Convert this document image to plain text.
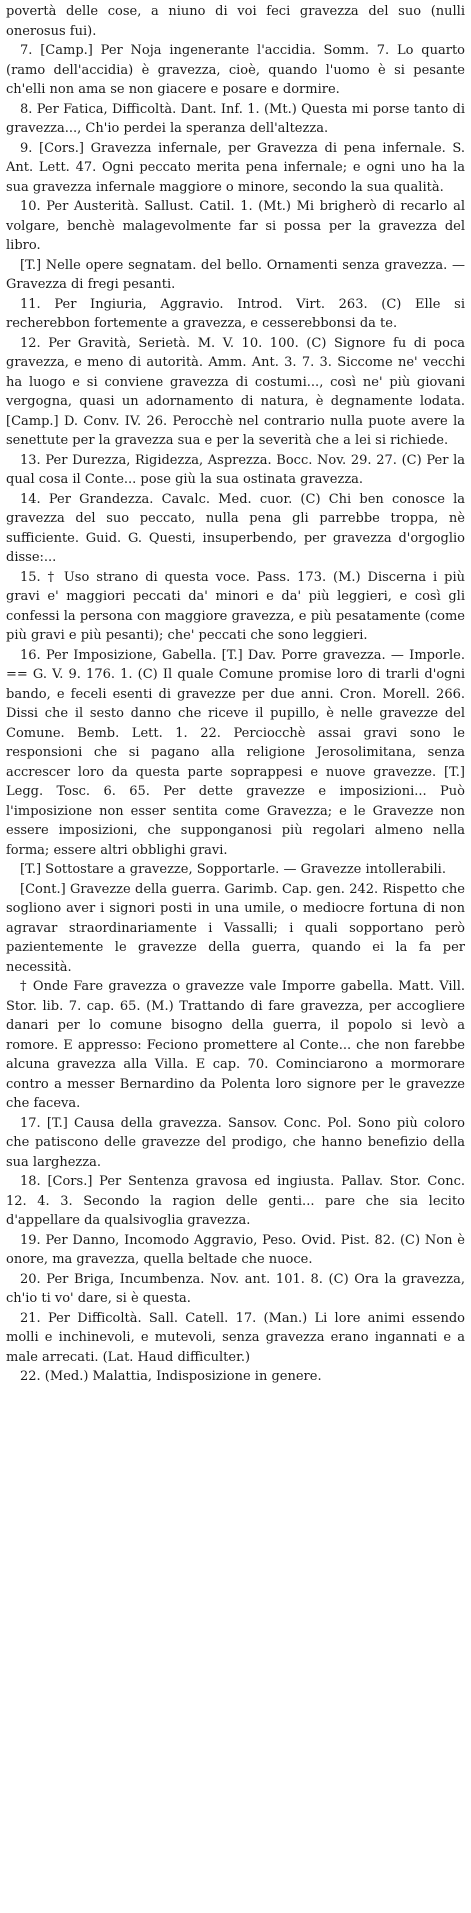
povertà delle cose, a niuno di voi feci gravezza del suo (nulli onerosus fui).

7. [Camp.] Per Noja ingenerante l'accidia. Somm. 7. Lo quarto (ramo dell'accidia) è gravezza, cioè, quando l'uomo è si pesante ch'elli non ama se non giacere e posare e dormire.

8. Per Fatica, Difficoltà. Dant. Inf. 1. (Mt.) Questa mi porse tanto di gravezza..., Ch'io perdei la speranza dell'altezza.

9. [Cors.] Gravezza infernale, per Gravezza di pena infernale. S. Ant. Lett. 47. Ogni peccato merita pena infernale; e ogni uno ha la sua gravezza infernale maggiore o minore, secondo la sua qualità.

10. Per Austerità. Sallust. Catil. 1. (Mt.) Mi brigherò di recarlo al volgare, benchè malagevolmente far si possa per la gravezza del libro.

[T.] Nelle opere segnatam. del bello. Ornamenti senza gravezza. — Gravezza di fregi pesanti.

11. Per Ingiuria, Aggravio. Introd. Virt. 263. (C) Elle si recherebbon fortemente a gravezza, e cesserebbonsi da te.

12. Per Gravità, Serietà. M. V. 10. 100. (C) Signore fu di poca gravezza, e meno di autorità. Amm. Ant. 3. 7. 3. Siccome ne' vecchi ha luogo e si conviene gravezza di costumi..., così ne' più giovani vergogna, quasi un adornamento di natura, è degnamente lodata. [Camp.] D. Conv. IV. 26. Perocchè nel contrario nulla puote avere la senettute per la gravezza sua e per la severità che a lei si richiede.

13. Per Durezza, Rigidezza, Asprezza. Bocc. Nov. 29. 27. (C) Per la qual cosa il Conte... pose giù la sua ostinata gravezza.

14. Per Grandezza. Cavalc. Med. cuor. (C) Chi ben conosce la gravezza del suo peccato, nulla pena gli parrebbe troppa, nè sufficiente. Guid. G. Questi, insuperbendo, per gravezza d'orgoglio disse:...

15. † Uso strano di questa voce. Pass. 173. (M.) Discerna i più gravi e' maggiori peccati da' minori e da' più leggieri, e così gli confessi la persona con maggiore gravezza, e più pesatamente (come più gravi e più pesanti); che' peccati che sono leggieri.

16. Per Imposizione, Gabella. [T.] Dav. Porre gravezza. — Imporle. == G. V. 9. 176. 1. (C) Il quale Comune promise loro di trarli d'ogni bando, e feceli esenti di gravezze per due anni. Cron. Morell. 266. Dissi che il sesto danno che riceve il pupillo, è nelle gravezze del Comune. Bemb. Lett. 1. 22. Perciocchè assai gravi sono le responsioni che si pagano alla religione Jerosolimitana, senza accrescer loro da questa parte soprappesi e nuove gravezze. [T.] Legg. Tosc. 6. 65. Per dette gravezze e imposizioni... Può l'imposizione non esser sentita come Gravezza; e le Gravezze non essere imposizioni, che supponganosi più regolari almeno nella forma; essere altri obblighi gravi.

[T.] Sottostare a gravezze, Sopportarle. — Gravezze intollerabili.

[Cont.] Gravezze della guerra. Garimb. Cap. gen. 242. Rispetto che sogliono aver i signori posti in una umile, o mediocre fortuna di non agravar straordinariamente i Vassalli; i quali sopportano però pazientemente le gravezze della guerra, quando ei la fa per necessità.

† Onde Fare gravezza o gravezze vale Imporre gabella. Matt. Vill. Stor. lib. 7. cap. 65. (M.) Trattando di fare gravezza, per accogliere danari per lo comune bisogno della guerra, il popolo si levò a romore. E appresso: Feciono promettere al Conte... che non farebbe alcuna gravezza alla Villa. E cap. 70. Cominciarono a mormorare contro a messer Bernardino da Polenta loro signore per le gravezze che faceva.

17. [T.] Causa della gravezza. Sansov. Conc. Pol. Sono più coloro che patiscono delle gravezze del prodigo, che hanno benefizio della sua larghezza.

18. [Cors.] Per Sentenza gravosa ed ingiusta. Pallav. Stor. Conc. 12. 4. 3. Secondo la ragion delle genti... pare che sia lecito d'appellare da qualsivoglia gravezza.

19. Per Danno, Incomodo Aggravio, Peso. Ovid. Pist. 82. (C) Non è onore, ma gravezza, quella beltade che nuoce.

20. Per Briga, Incumbenza. Nov. ant. 101. 8. (C) Ora la gravezza, ch'io ti vo' dare, si è questa.

21. Per Difficoltà. Sall. Catell. 17. (Man.) Li lore animi essendo molli e inchinevoli, e mutevoli, senza gravezza erano ingannati e a male arrecati. (Lat. Haud difficulter.)

22. (Med.) Malattia, Indisposizione in genere.
